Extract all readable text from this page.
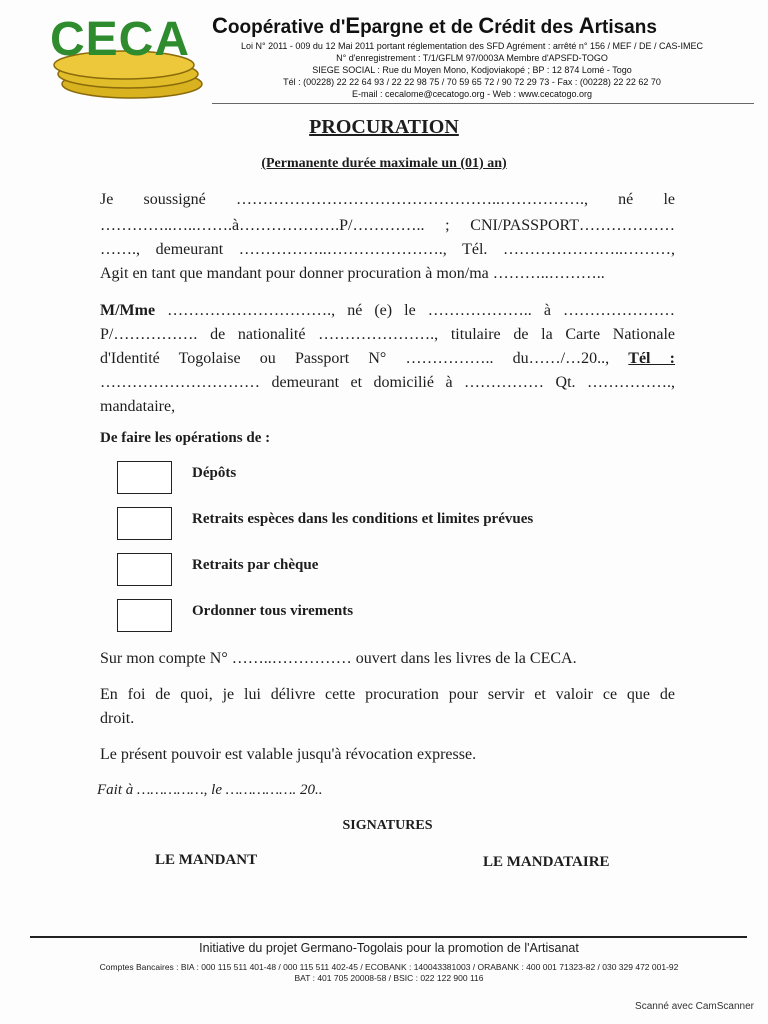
CECA Coopérative d'Epargne et de Crédit des Artisans
Loi N° 2011 - 009 du 12 Mai 2011 portant réglementation des SFD Agrément : arrêté n° 156 / MEF / DE / CAS-IMEC
N° d'enregistrement : T/1/GFLM 97/0003A Membre d'APSFD-TOGO
SIEGE SOCIAL : Rue du Moyen Mono, Kodjoviakopé ; BP : 12 874 Lomé - Togo
Tél : (00228) 22 22 64 93 / 22 22 98 75 / 70 59 65 72 / 90 72 29 73 - Fax : (00228) 22 22 62 70
E-mail : cecalome@cecatogo.org - Web : www.cecatogo.org
PROCURATION
(Permanente durée maximale un (01) an)
Je soussigné …………………………………………..……………., né le
…………..…..…….à……………….P/………….. ; CNI/PASSPORT………………
……., demeurant ……………..…………………., Tél. …………………..………,
Agit en tant que mandant pour donner procuration à mon/ma ………..………..
M/Mme …………………………., né (e) le ……………….. à …………………
P/……………. de nationalité …………………., titulaire de la Carte Nationale
d'Identité Togolaise ou Passport N° …………….. du……/…20.., Tél :
………………………… demeurant et domicilié à …………… Qt. …………….,
mandataire,
De faire les opérations de :
Dépôts
Retraits espèces dans les conditions et limites prévues
Retraits par chèque
Ordonner tous virements
Sur mon compte N° ……..…………… ouvert dans les livres de la CECA.
En foi de quoi, je lui délivre cette procuration pour servir et valoir ce que de
droit.
Le présent pouvoir est valable jusqu'à révocation expresse.
Fait à ……………, le ……………. 20..
SIGNATURES
LE MANDANT	LE MANDATAIRE
Initiative du projet Germano-Togolais pour la promotion de l'Artisanat
Comptes Bancaires : BIA : 000 115 511 401-48 / 000 115 511 402-45 / ECOBANK : 140043381003 / ORABANK : 400 001 71323-82 / 030 329 472 001-92
BAT : 401 705 20008-58 / BSIC : 022 122 900 116
Scanné avec CamScanner
